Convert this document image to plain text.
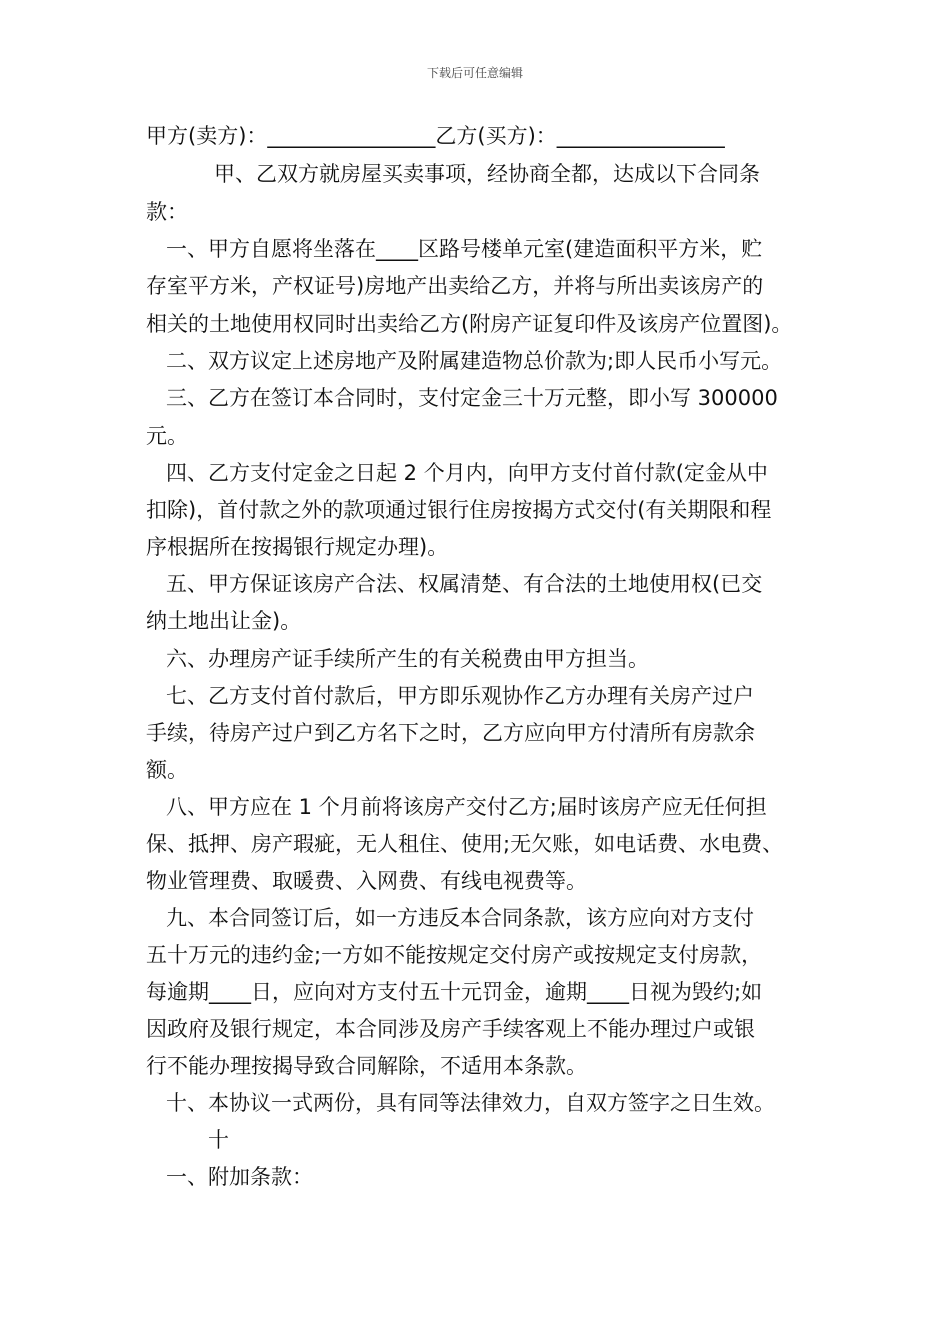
下载后可任意编辑
甲方(卖方)：________________乙方(买方)：________________
甲、乙双方就房屋买卖事项，经协商全都，达成以下合同条
款：
一、甲方自愿将坐落在____区路号楼单元室(建造面积平方米，贮
存室平方米，产权证号)房地产出卖给乙方，并将与所出卖该房产的
相关的土地使用权同时出卖给乙方(附房产证复印件及该房产位置图)。
二、双方议定上述房地产及附属建造物总价款为;即人民币小写元。
三、乙方在签订本合同时，支付定金三十万元整，即小写 300000
元。
四、乙方支付定金之日起 2 个月内，向甲方支付首付款(定金从中
扣除)，首付款之外的款项通过银行住房按揭方式交付(有关期限和程
序根据所在按揭银行规定办理)。
五、甲方保证该房产合法、权属清楚、有合法的土地使用权(已交
纳土地出让金)。
六、办理房产证手续所产生的有关税费由甲方担当。
七、乙方支付首付款后，甲方即乐观协作乙方办理有关房产过户
手续，待房产过户到乙方名下之时，乙方应向甲方付清所有房款余
额。
八、甲方应在 1 个月前将该房产交付乙方;届时该房产应无任何担
保、抵押、房产瑕疵，无人租住、使用;无欠账，如电话费、水电费、
物业管理费、取暖费、入网费、有线电视费等。
九、本合同签订后，如一方违反本合同条款，该方应向对方支付
五十万元的违约金;一方如不能按规定交付房产或按规定支付房款，
每逾期____日，应向对方支付五十元罚金，逾期____日视为毁约;如
因政府及银行规定，本合同涉及房产手续客观上不能办理过户或银
行不能办理按揭导致合同解除，不适用本条款。
十、本协议一式两份，具有同等法律效力，自双方签字之日生效。
十
一、附加条款：
